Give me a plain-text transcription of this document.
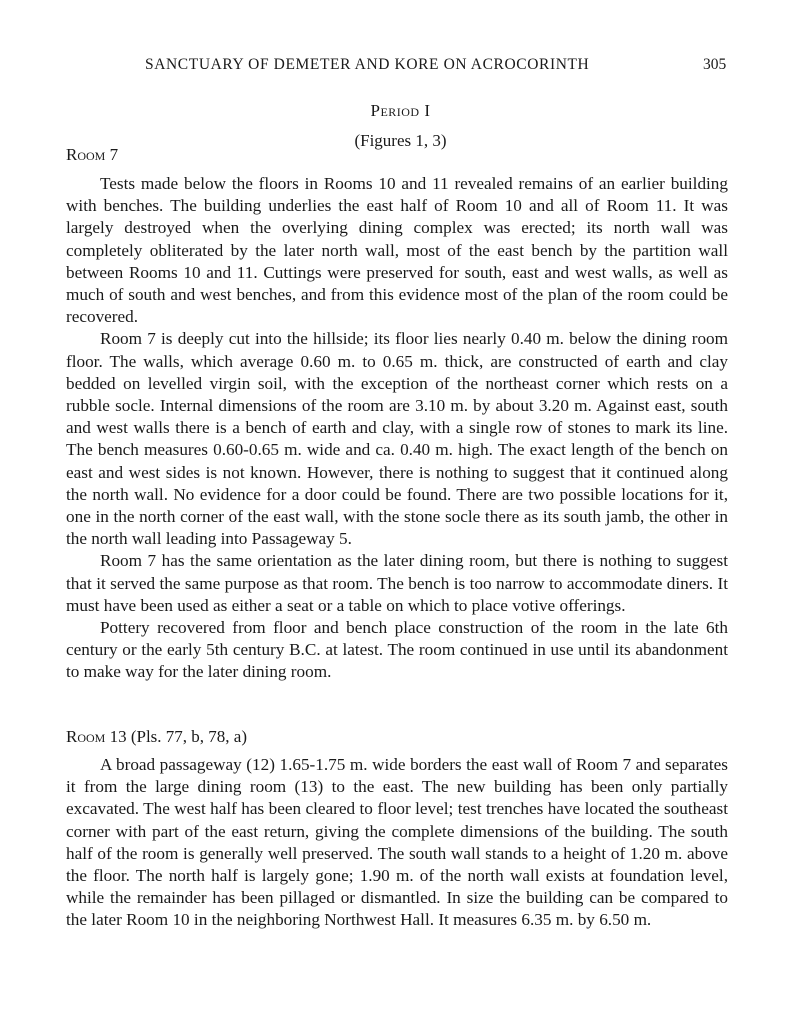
SANCTUARY OF DEMETER AND KORE ON ACROCORINTH	305
Period I
(Figures 1, 3)
Room 7

Tests made below the floors in Rooms 10 and 11 revealed remains of an earlier building with benches. The building underlies the east half of Room 10 and all of Room 11. It was largely destroyed when the overlying dining complex was erected; its north wall was completely obliterated by the later north wall, most of the east bench by the partition wall between Rooms 10 and 11. Cuttings were preserved for south, east and west walls, as well as much of south and west benches, and from this evidence most of the plan of the room could be recovered.

Room 7 is deeply cut into the hillside; its floor lies nearly 0.40 m. below the dining room floor. The walls, which average 0.60 m. to 0.65 m. thick, are constructed of earth and clay bedded on levelled virgin soil, with the exception of the northeast corner which rests on a rubble socle. Internal dimensions of the room are 3.10 m. by about 3.20 m. Against east, south and west walls there is a bench of earth and clay, with a single row of stones to mark its line. The bench measures 0.60-0.65 m. wide and ca. 0.40 m. high. The exact length of the bench on east and west sides is not known. However, there is nothing to suggest that it continued along the north wall. No evidence for a door could be found. There are two possible locations for it, one in the north corner of the east wall, with the stone socle there as its south jamb, the other in the north wall leading into Passageway 5.

Room 7 has the same orientation as the later dining room, but there is nothing to suggest that it served the same purpose as that room. The bench is too narrow to accommodate diners. It must have been used as either a seat or a table on which to place votive offerings.

Pottery recovered from floor and bench place construction of the room in the late 6th century or the early 5th century B.C. at latest. The room continued in use until its abandonment to make way for the later dining room.

Room 13 (Pls. 77, b, 78, a)

A broad passageway (12) 1.65-1.75 m. wide borders the east wall of Room 7 and separates it from the large dining room (13) to the east. The new building has been only partially excavated. The west half has been cleared to floor level; test trenches have located the southeast corner with part of the east return, giving the complete dimensions of the building. The south half of the room is generally well preserved. The south wall stands to a height of 1.20 m. above the floor. The north half is largely gone; 1.90 m. of the north wall exists at foundation level, while the remainder has been pillaged or dismantled. In size the building can be compared to the later Room 10 in the neighboring Northwest Hall. It measures 6.35 m. by 6.50 m.
